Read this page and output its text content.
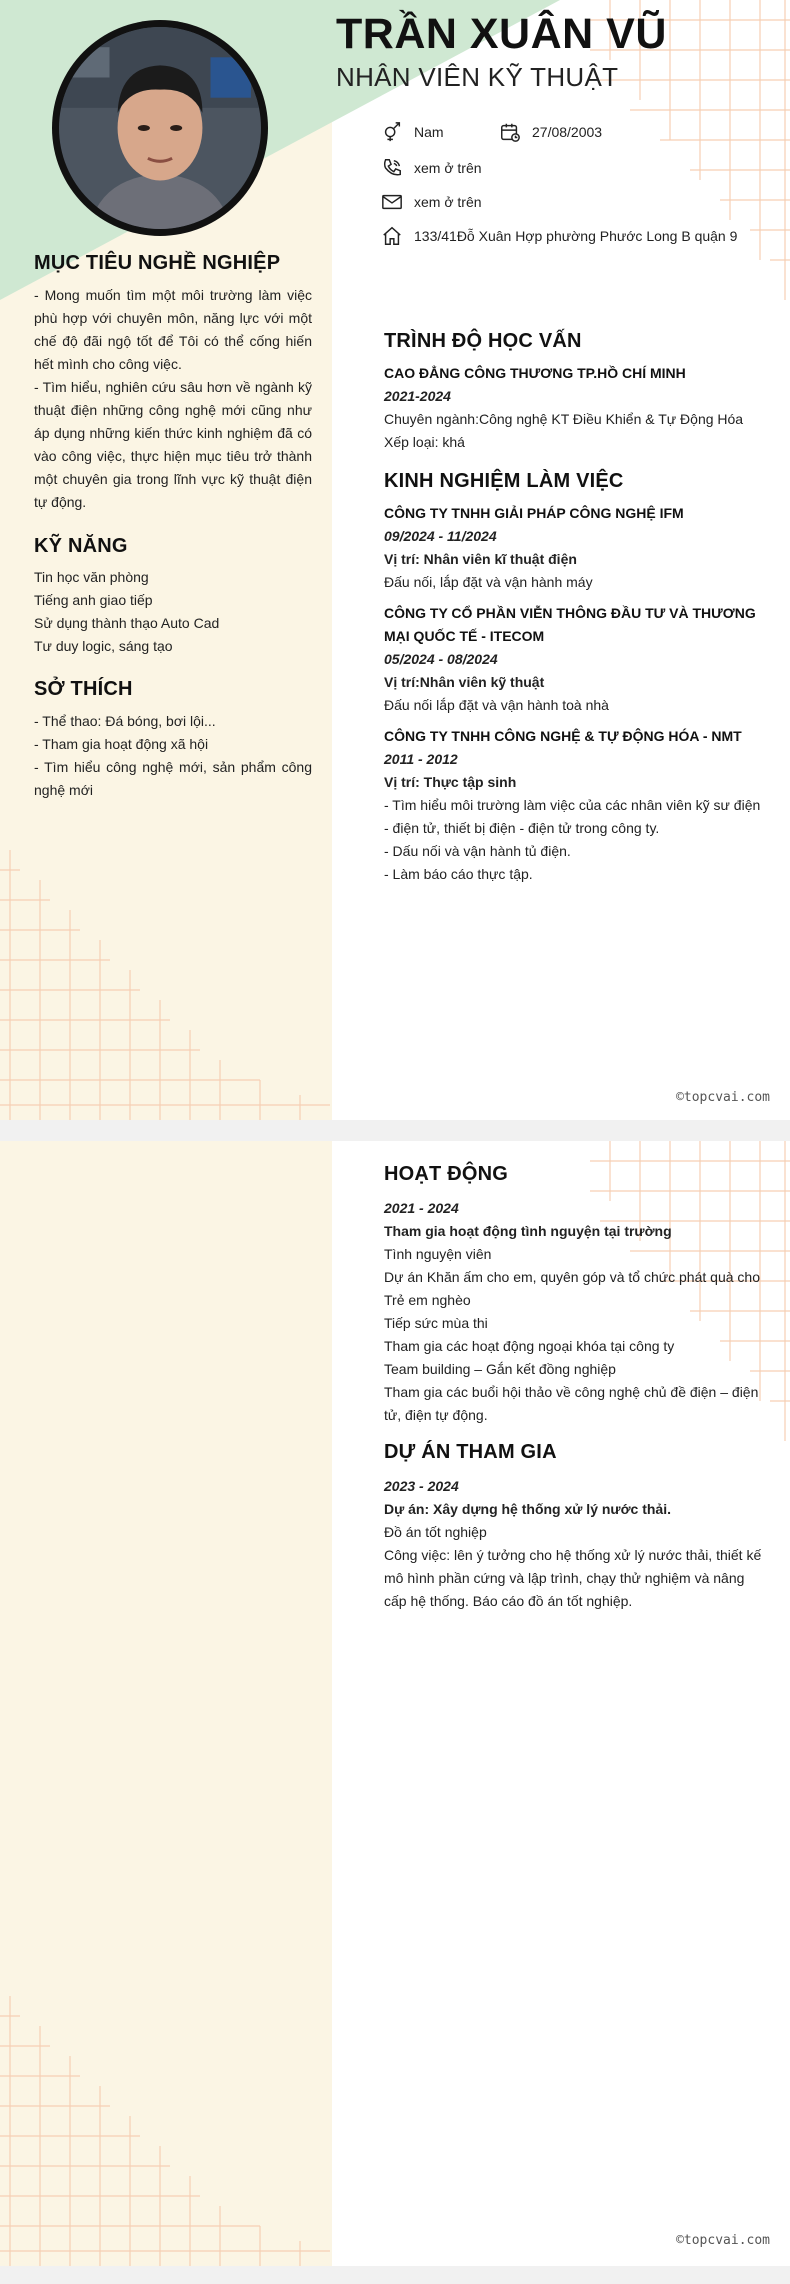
TRẦN XUÂN VŨ
NHÂN VIÊN KỸ THUẬT
Nam	27/08/2003
xem ở trên
xem ở trên
133/41Đỗ Xuân Hợp phường Phước Long B quận 9
MỤC TIÊU NGHỀ NGHIỆP

- Mong muốn tìm một môi trường làm việc phù hợp với chuyên môn, năng lực với một chế độ đãi ngộ tốt để Tôi có thể cống hiến hết mình cho công việc.

- Tìm hiểu, nghiên cứu sâu hơn về ngành kỹ thuật điện những công nghệ mới cũng như áp dụng những kiến thức kinh nghiệm đã có vào công việc, thực hiện mục tiêu trở thành một chuyên gia trong lĩnh vực kỹ thuật điện tự động.

KỸ NĂNG
Tin học văn phòng
Tiếng anh giao tiếp
Sử dụng thành thạo Auto Cad
Tư duy logic, sáng tạo
SỞ THÍCH
- Thể thao: Đá bóng, bơi lội...
- Tham gia hoạt động xã hội
- Tìm hiểu công nghệ mới, sản phẩm công nghệ mới
TRÌNH ĐỘ HỌC VẤN
CAO ĐẲNG CÔNG THƯƠNG TP.HỒ CHÍ MINH
2021-2024
Chuyên ngành:Công nghệ KT Điều Khiển & Tự Động Hóa
Xếp loại: khá
KINH NGHIỆM LÀM VIỆC
CÔNG TY TNHH GIẢI PHÁP CÔNG NGHỆ IFM
09/2024 - 11/2024
Vị trí: Nhân viên kĩ thuật điện
Đấu nối, lắp đặt và vận hành máy
CÔNG TY CỔ PHẦN VIỄN THÔNG ĐẦU TƯ VÀ THƯƠNG MẠI QUỐC TẾ - ITECOM
05/2024 - 08/2024
Vị trí:Nhân viên kỹ thuật
Đấu nối lắp đặt và vận hành toà nhà
CÔNG TY TNHH CÔNG NGHỆ & TỰ ĐỘNG HÓA - NMT
2011 - 2012
Vị trí: Thực tập sinh
- Tìm hiểu môi trường làm việc của các nhân viên kỹ sư điện - điện tử, thiết bị điện - điện tử trong công ty.
- Dấu nối và vận hành tủ điện.
- Làm báo cáo thực tập.
©topcvai.com
HOẠT ĐỘNG
2021 - 2024
Tham gia hoạt động tình nguyện tại trường
Tình nguyện viên
Dự án Khăn ấm cho em, quyên góp và tổ chức phát quà cho Trẻ em nghèo
Tiếp sức mùa thi
Tham gia các hoạt động ngoại khóa tại công ty
Team building – Gắn kết đồng nghiệp
Tham gia các buổi hội thảo về công nghệ chủ đề điện – điện tử, điện tự động.
DỰ ÁN THAM GIA
2023 - 2024
Dự án: Xây dựng hệ thống xử lý nước thải.
Đồ án tốt nghiệp
Công việc: lên ý tưởng cho hệ thống xử lý nước thải, thiết kế mô hình phần cứng và lập trình, chạy thử nghiệm và nâng cấp hệ thống. Báo cáo đồ án tốt nghiệp.
©topcvai.com
